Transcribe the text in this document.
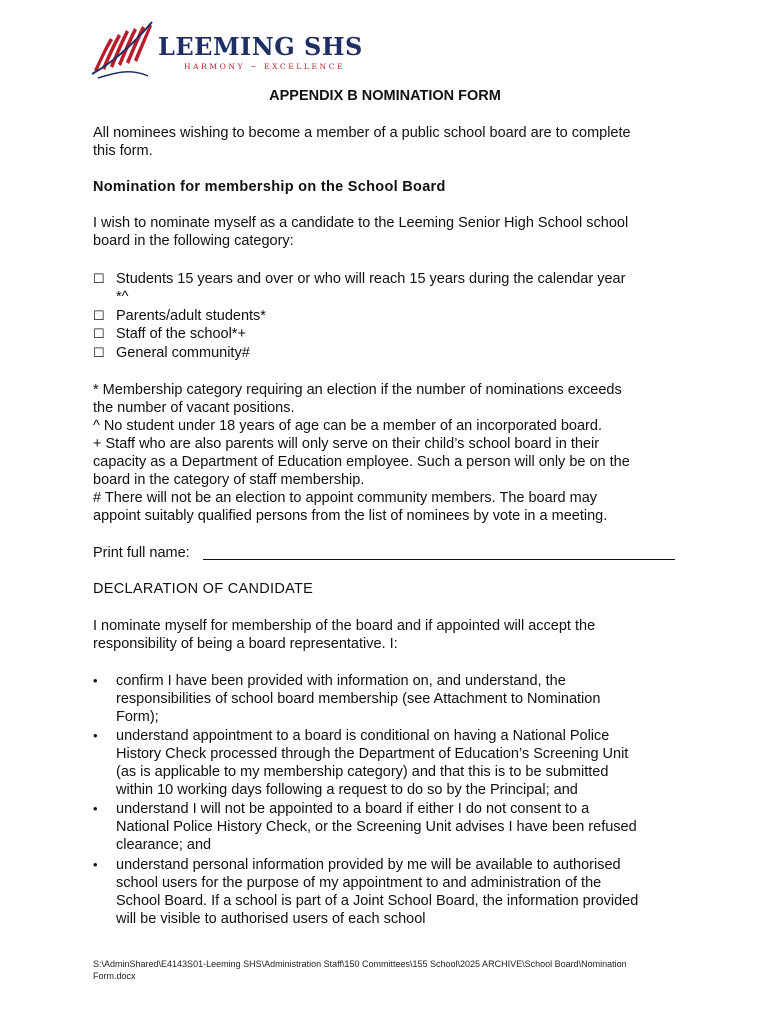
LEEMING SHS
HARMONY ~ EXCELLENCE
APPENDIX B NOMINATION FORM
All nominees wishing to become a member of a public school board are to complete
this form.
Nomination for membership on the School Board
I wish to nominate myself as a candidate to the Leeming Senior High School school
board in the following category:
☐ Students 15 years and over or who will reach 15 years during the calendar year
*^
☐ Parents/adult students*
☐ Staff of the school*+
☐ General community#
* Membership category requiring an election if the number of nominations exceeds
the number of vacant positions.
^ No student under 18 years of age can be a member of an incorporated board.
+ Staff who are also parents will only serve on their child’s school board in their
capacity as a Department of Education employee. Such a person will only be on the
board in the category of staff membership.
# There will not be an election to appoint community members. The board may
appoint suitably qualified persons from the list of nominees by vote in a meeting.
Print full name:
DECLARATION OF CANDIDATE
I nominate myself for membership of the board and if appointed will accept the
responsibility of being a board representative. I:
• confirm I have been provided with information on, and understand, the
responsibilities of school board membership (see Attachment to Nomination
Form);
• understand appointment to a board is conditional on having a National Police
History Check processed through the Department of Education’s Screening Unit
(as is applicable to my membership category) and that this is to be submitted
within 10 working days following a request to do so by the Principal; and
• understand I will not be appointed to a board if either I do not consent to a
National Police History Check, or the Screening Unit advises I have been refused
clearance; and
• understand personal information provided by me will be available to authorised
school users for the purpose of my appointment to and administration of the
School Board. If a school is part of a Joint School Board, the information provided
will be visible to authorised users of each school
S:\AdminShared\E4143S01-Leeming SHS\Administration Staff\150 Committees\155 School\2025 ARCHIVE\School Board\Nomination
Form.docx
